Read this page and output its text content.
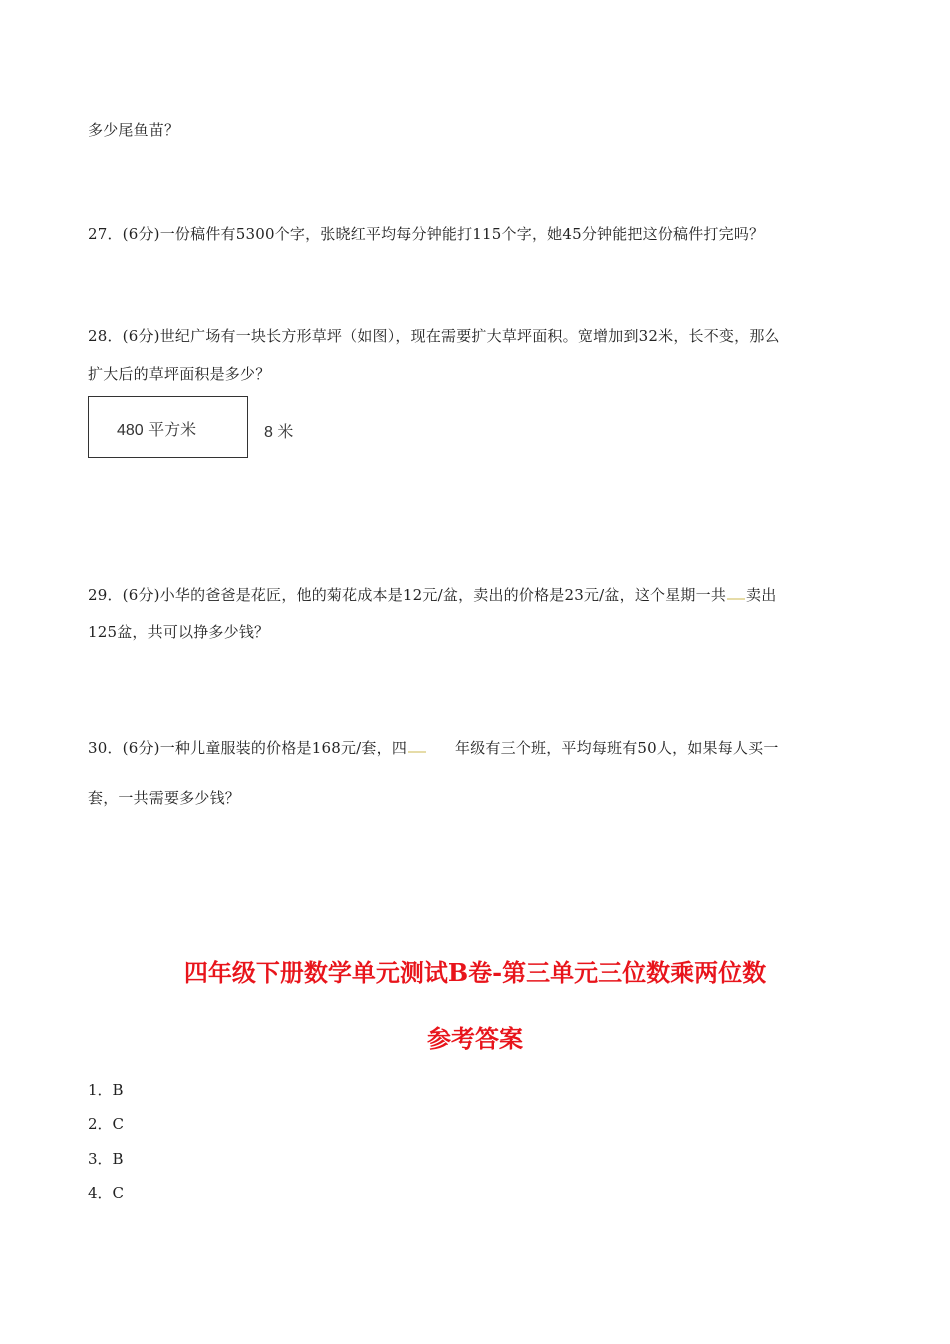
多少尾鱼苗？
27．(6分)一份稿件有5300个字，张晓红平均每分钟能打115个字，她45分钟能把这份稿件打完吗？
28．(6分)世纪广场有一块长方形草坪（如图），现在需要扩大草坪面积。宽增加到32米，长不变，那么
扩大后的草坪面积是多少？
480 平方米	8 米
29．(6分)小华的爸爸是花匠，他的菊花成本是12元/盆，卖出的价格是23元/盆，这个星期一共 卖出
125盆，共可以挣多少钱？
30．(6分)一种儿童服装的价格是168元/套，四	年级有三个班，平均每班有50人，如果每人买一
套，一共需要多少钱？
四年级下册数学单元测试B卷-第三单元三位数乘两位数
参考答案
1．B
2．C
3．B
4．C
